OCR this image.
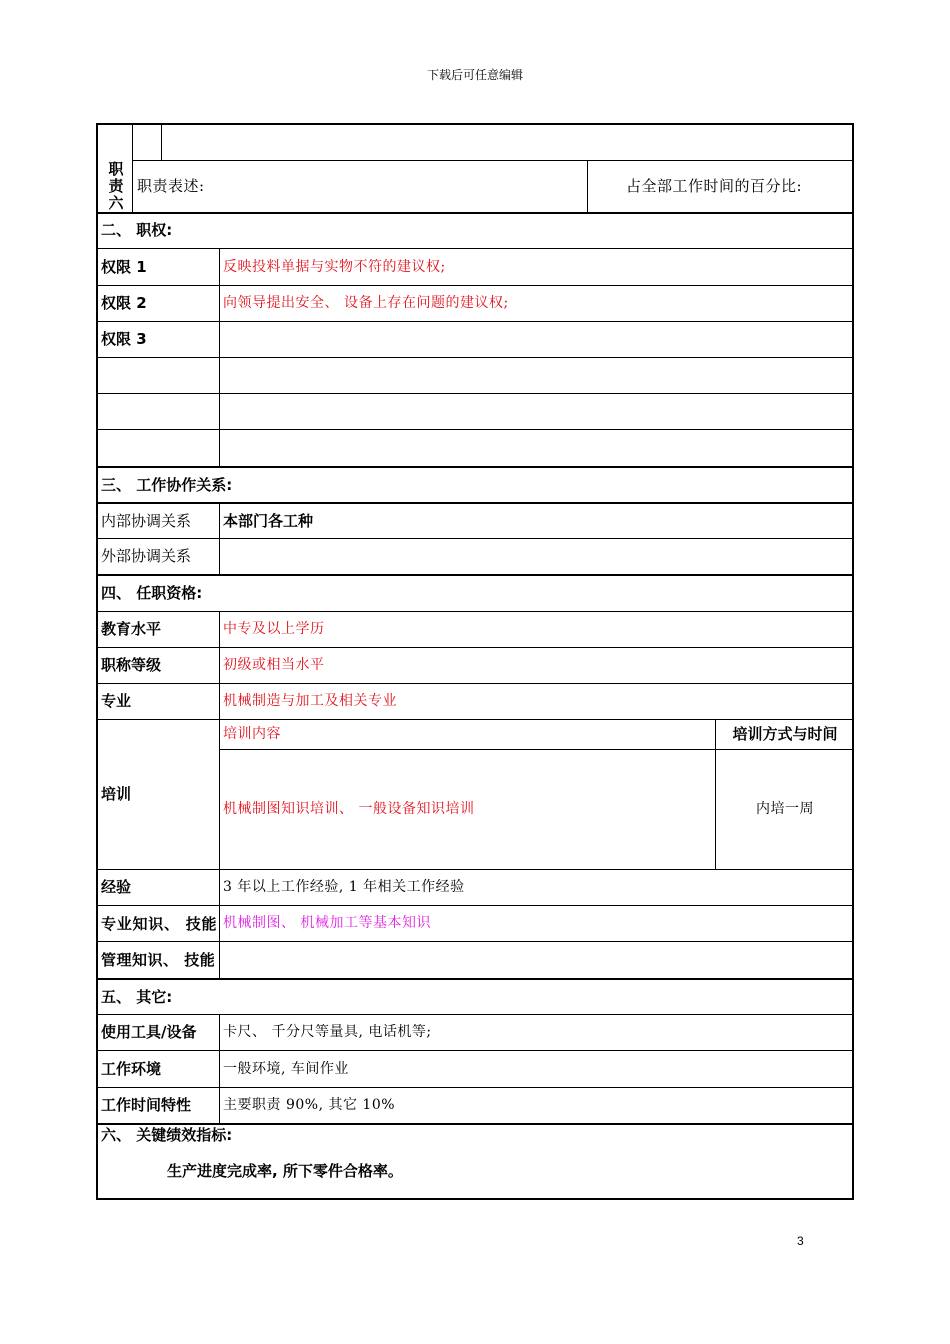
下载后可任意编辑
职
责
六
职责表述:	占全部工作时间的百分比:
二、 职权:
权限 1	反映投料单据与实物不符的建议权;
权限 2	向领导提出安全、 设备上存在问题的建议权;
权限 3
三、 工作协作关系:
内部协调关系 本部门各工种
外部协调关系
四、 任职资格:
教育水平	中专及以上学历
职称等级	初级或相当水平
专业	机械制造与加工及相关专业
培训
培训内容	培训方式与时间
机械制图知识培训、 一般设备知识培训	内培一周
经验	3 年以上工作经验, 1 年相关工作经验
专业知识、 技能 机械制图、 机械加工等基本知识
管理知识、 技能
五、 其它:
使用工具/设备 卡尺、 千分尺等量具, 电话机等;
工作环境	一般环境, 车间作业
工作时间特性 主要职责 90%, 其它 10%
六、 关键绩效指标:
生产进度完成率, 所下零件合格率。
3
